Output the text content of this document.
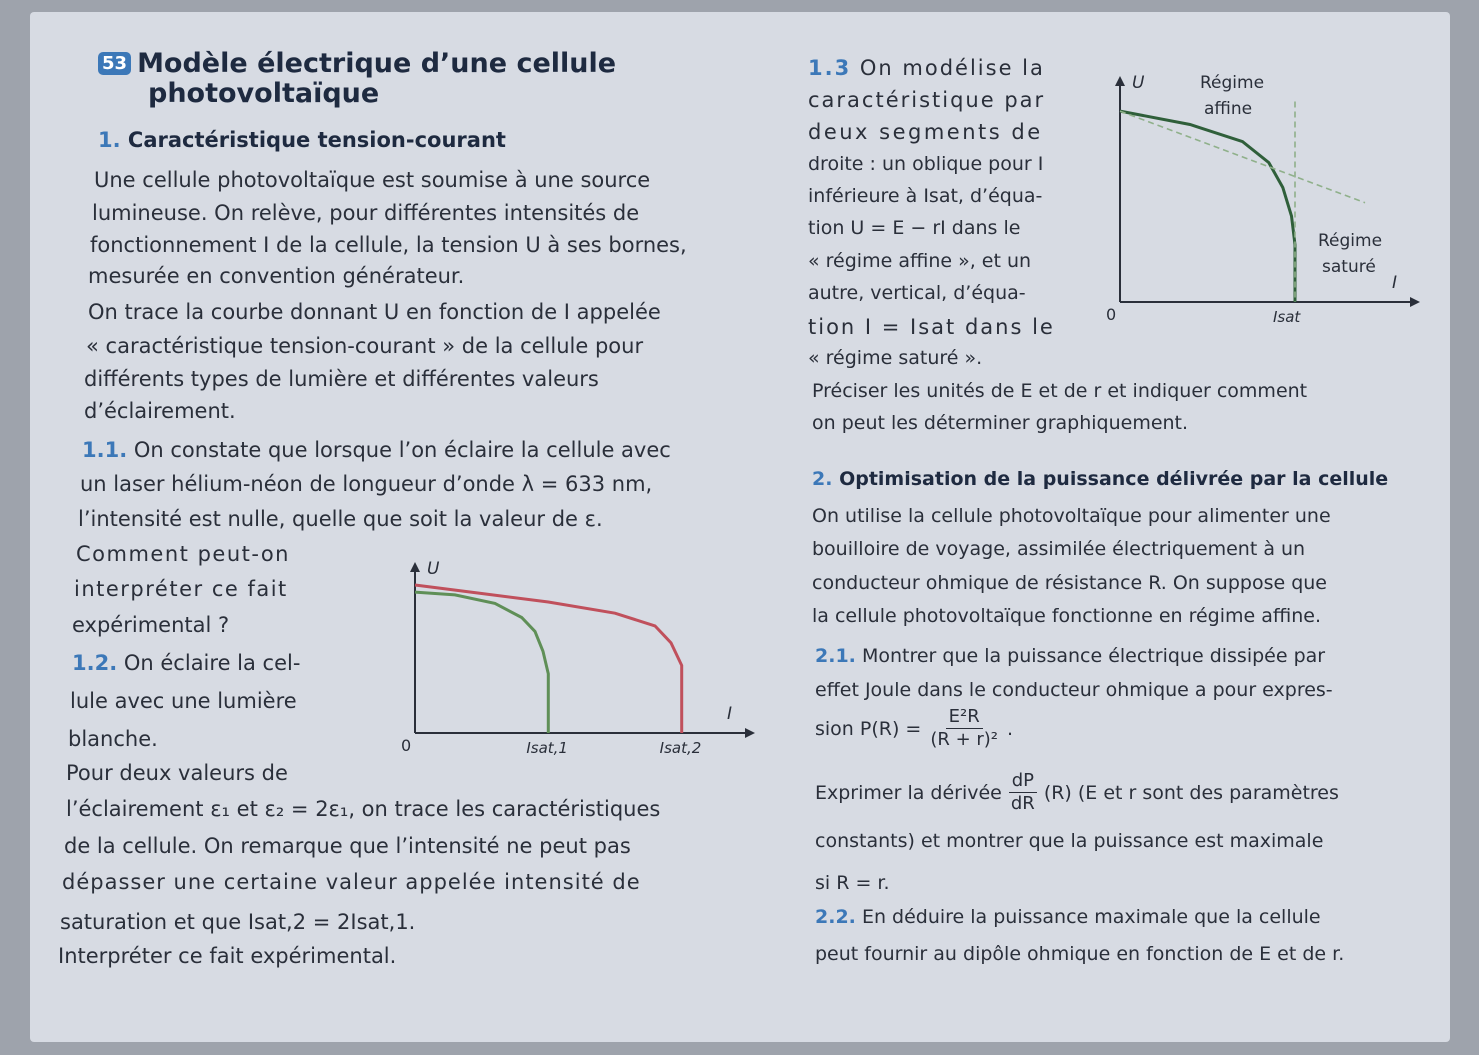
53 Modèle électrique d’une cellule
photovoltaïque
1. Caractéristique tension-courant
Une cellule photovoltaïque est soumise à une source
lumineuse. On relève, pour différentes intensités de
fonctionnement I de la cellule, la tension U à ses bornes,
mesurée en convention générateur.
On trace la courbe donnant U en fonction de I appelée
« caractéristique tension-courant » de la cellule pour
différents types de lumière et différentes valeurs
d’éclairement.
1.1. On constate que lorsque l’on éclaire la cellule avec
un laser hélium-néon de longueur d’onde λ = 633 nm,
l’intensité est nulle, quelle que soit la valeur de ε.
Comment peut-on
interpréter ce fait
expérimental ?
1.2. On éclaire la cel-
lule avec une lumière
blanche.
Pour deux valeurs de
l’éclairement ε₁ et ε₂ = 2ε₁, on trace les caractéristiques
de la cellule. On remarque que l’intensité ne peut pas
dépasser une certaine valeur appelée intensité de
saturation et que Isat,2 = 2Isat,1.
Interpréter ce fait expérimental.
U
I
0	Isat,1	Isat,2
1.3 On modélise la
caractéristique par
deux segments de
droite : un oblique pour I
inférieure à Isat, d’équa-
tion U = E − rI dans le
« régime affine », et un
autre, vertical, d’équa-
tion I = Isat dans le
« régime saturé ».
Préciser les unités de E et de r et indiquer comment
on peut les déterminer graphiquement.
U
I
0	Isat
Régime
affine
Régime
saturé
2. Optimisation de la puissance délivrée par la cellule
On utilise la cellule photovoltaïque pour alimenter une
bouilloire de voyage, assimilée électriquement à un
conducteur ohmique de résistance R. On suppose que
la cellule photovoltaïque fonctionne en régime affine.
2.1. Montrer que la puissance électrique dissipée par
effet Joule dans le conducteur ohmique a pour expres-
sion $P(R) = \frac{\text{E²R}}{\text{(R + r)²}}$ .
Exprimer la dérivée $\frac{dP}{dR} (R)$ (E et r sont des paramètres
constants) et montrer que la puissance est maximale
si R = r.
2.2. En déduire la puissance maximale que la cellule
peut fournir au dipôle ohmique en fonction de E et de r.
